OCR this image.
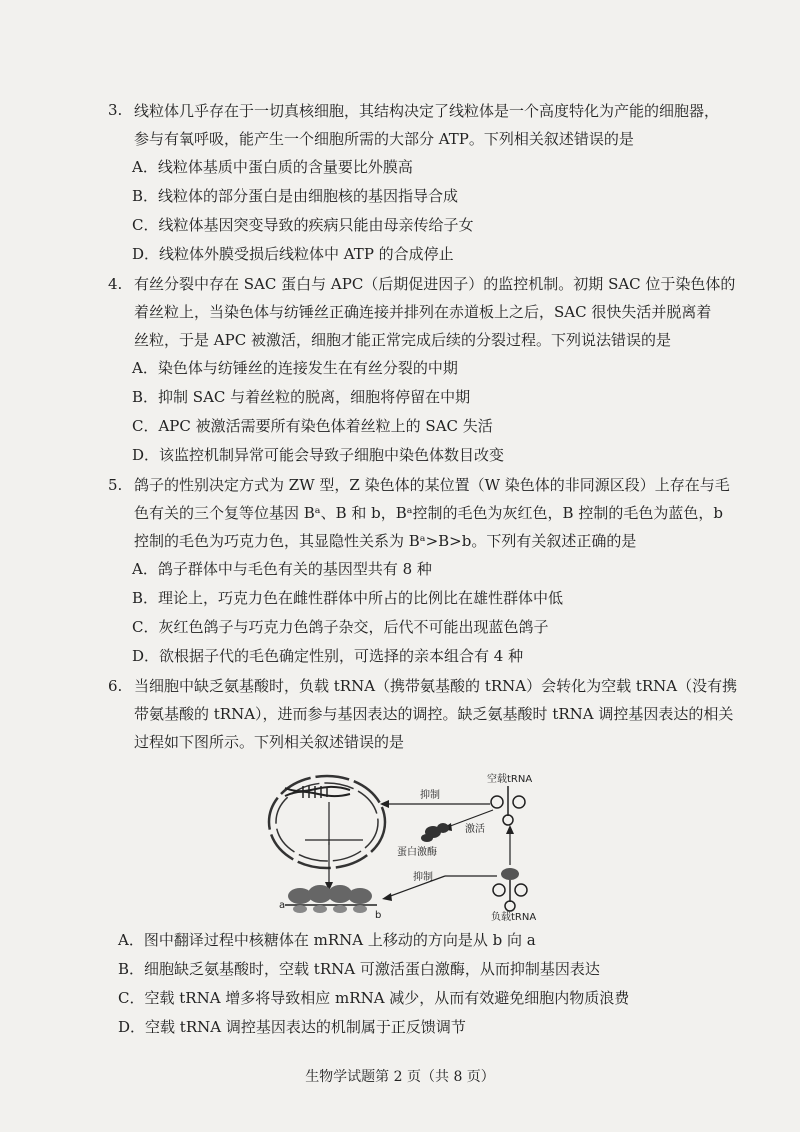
3. 线粒体几乎存在于一切真核细胞，其结构决定了线粒体是一个高度特化为产能的细胞器，
参与有氧呼吸，能产生一个细胞所需的大部分 ATP。下列相关叙述错误的是
A．线粒体基质中蛋白质的含量要比外膜高
B．线粒体的部分蛋白是由细胞核的基因指导合成
C．线粒体基因突变导致的疾病只能由母亲传给子女
D．线粒体外膜受损后线粒体中 ATP 的合成停止
4. 有丝分裂中存在 SAC 蛋白与 APC（后期促进因子）的监控机制。初期 SAC 位于染色体的
着丝粒上，当染色体与纺锤丝正确连接并排列在赤道板上之后，SAC 很快失活并脱离着
丝粒，于是 APC 被激活，细胞才能正常完成后续的分裂过程。下列说法错误的是
A．染色体与纺锤丝的连接发生在有丝分裂的中期
B．抑制 SAC 与着丝粒的脱离，细胞将停留在中期
C．APC 被激活需要所有染色体着丝粒上的 SAC 失活
D．该监控机制异常可能会导致子细胞中染色体数目改变
5. 鸽子的性别决定方式为 ZW 型，Z 染色体的某位置（W 染色体的非同源区段）上存在与毛
色有关的三个复等位基因 Bᵃ、B 和 b，Bᵃ控制的毛色为灰红色，B 控制的毛色为蓝色，b
控制的毛色为巧克力色，其显隐性关系为 Bᵃ>B>b。下列有关叙述正确的是
A．鸽子群体中与毛色有关的基因型共有 8 种
B．理论上，巧克力色在雌性群体中所占的比例比在雄性群体中低
C．灰红色鸽子与巧克力色鸽子杂交，后代不可能出现蓝色鸽子
D．欲根据子代的毛色确定性别，可选择的亲本组合有 4 种
6. 当细胞中缺乏氨基酸时，负载 tRNA（携带氨基酸的 tRNA）会转化为空载 tRNA（没有携
带氨基酸的 tRNA），进而参与基因表达的调控。缺乏氨基酸时 tRNA 调控基因表达的相关
过程如下图所示。下列相关叙述错误的是
a
b
空载tRNA
负载tRNA
抑制
激活
蛋白激酶
抑制
A．图中翻译过程中核糖体在 mRNA 上移动的方向是从 b 向 a
B．细胞缺乏氨基酸时，空载 tRNA 可激活蛋白激酶，从而抑制基因表达
C．空载 tRNA 增多将导致相应 mRNA 减少，从而有效避免细胞内物质浪费
D．空载 tRNA 调控基因表达的机制属于正反馈调节
生物学试题第 2 页（共 8 页）
